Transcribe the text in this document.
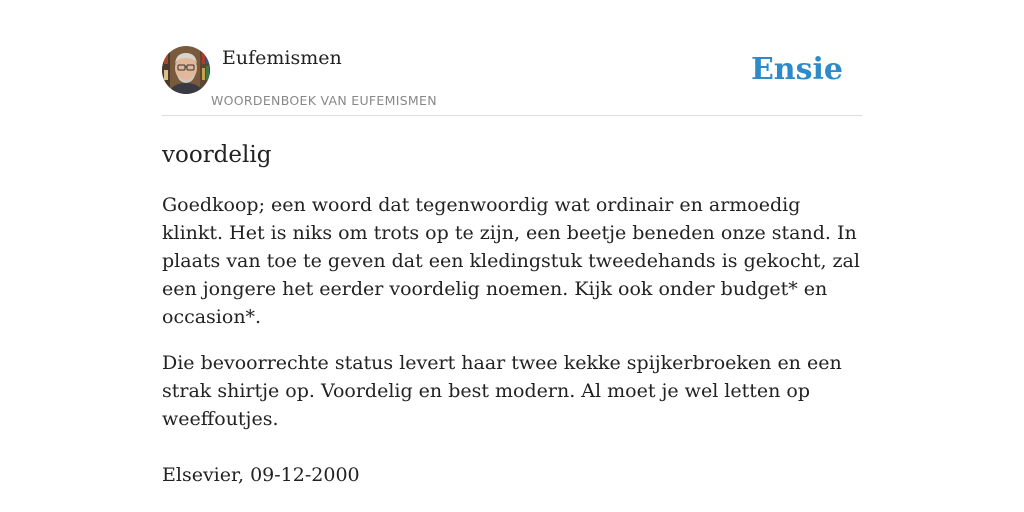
Eufemismen
WOORDENBOEK VAN EUFEMISMEN
Ensie
voordelig

Goedkoop; een woord dat tegenwoordig wat ordinair en armoedig klinkt. Het is niks om trots op te zijn, een beetje beneden onze stand. In plaats van toe te geven dat een kledingstuk tweedehands is gekocht, zal een jongere het eerder voordelig noemen. Kijk ook onder budget* en occasion*.

Die bevoorrechte status levert haar twee kekke spijkerbroeken en een strak shirtje op. Voordelig en best modern. Al moet je wel letten op weeffoutjes.

Elsevier, 09-12-2000
